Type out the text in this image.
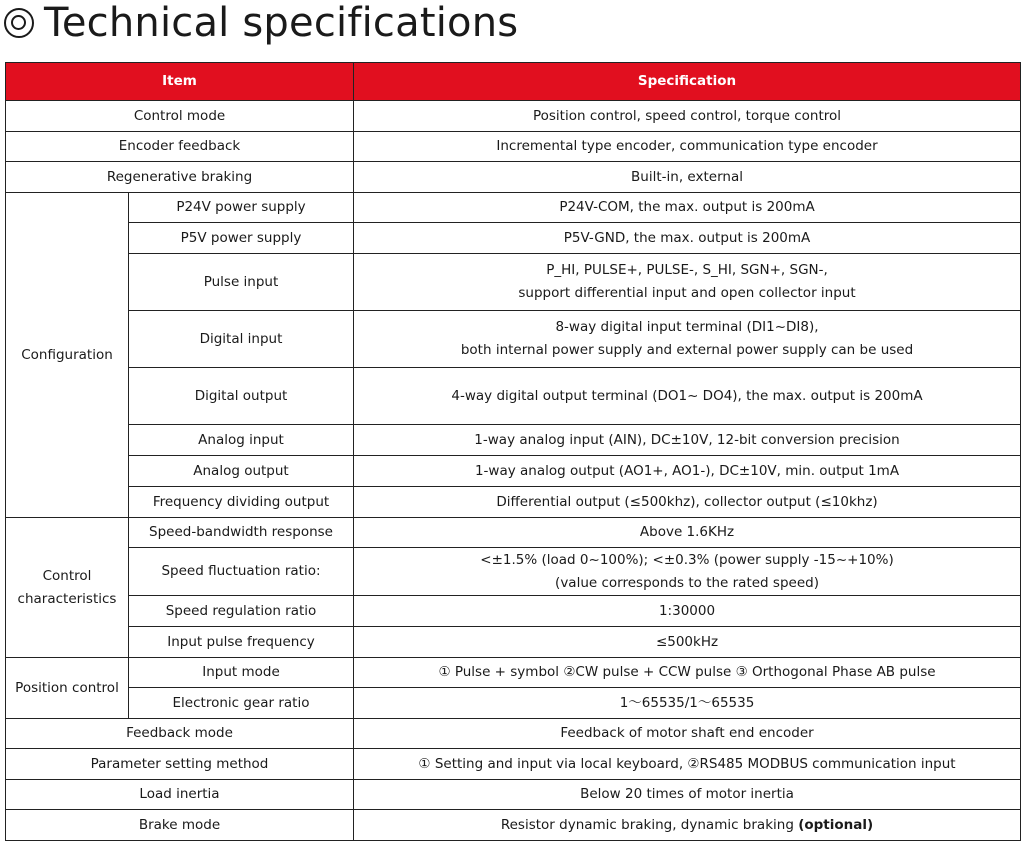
Technical specifications
Item		Specification
Control mode		Position control, speed control, torque control
Encoder feedback		Incremental type encoder, communication type encoder
Regenerative braking		Built-in, external
Configuration	P24V power supply	P24V-COM, the max. output is 200mA
	P5V power supply	P5V-GND, the max. output is 200mA
	Pulse input	P_HI, PULSE+, PULSE-, S_HI, SGN+, SGN-,
support differential input and open collector input

	Digital input	8-way digital input terminal (DI1~DI8),
both internal power supply and external power supply can be used

	Digital output	4-way digital output terminal (DO1~ DO4), the max. output is 200mA
	Analog input	1-way analog input (AIN), DC±10V, 12-bit conversion precision
	Analog output	1-way analog output (AO1+, AO1-), DC±10V, min. output 1mA
	Frequency dividing output	Differential output (≤500khz), collector output (≤10khz)

Control
characteristics	Speed-bandwidth response	Above 1.6KHz
	Speed fluctuation ratio:	<±1.5% (load 0~100%); <±0.3% (power supply -15~+10%)
(value corresponds to the rated speed)

	Speed regulation ratio	1:30000
	Input pulse frequency	≤500kHz
Position control	Input mode	① Pulse + symbol ②CW pulse + CCW pulse ③ Orthogonal Phase AB pulse
	Electronic gear ratio	1～65535/1～65535
Feedback mode		Feedback of motor shaft end encoder
Parameter setting method		① Setting and input via local keyboard, ②RS485 MODBUS communication input
Load inertia		Below 20 times of motor inertia
Brake mode		Resistor dynamic braking, dynamic braking (optional)
